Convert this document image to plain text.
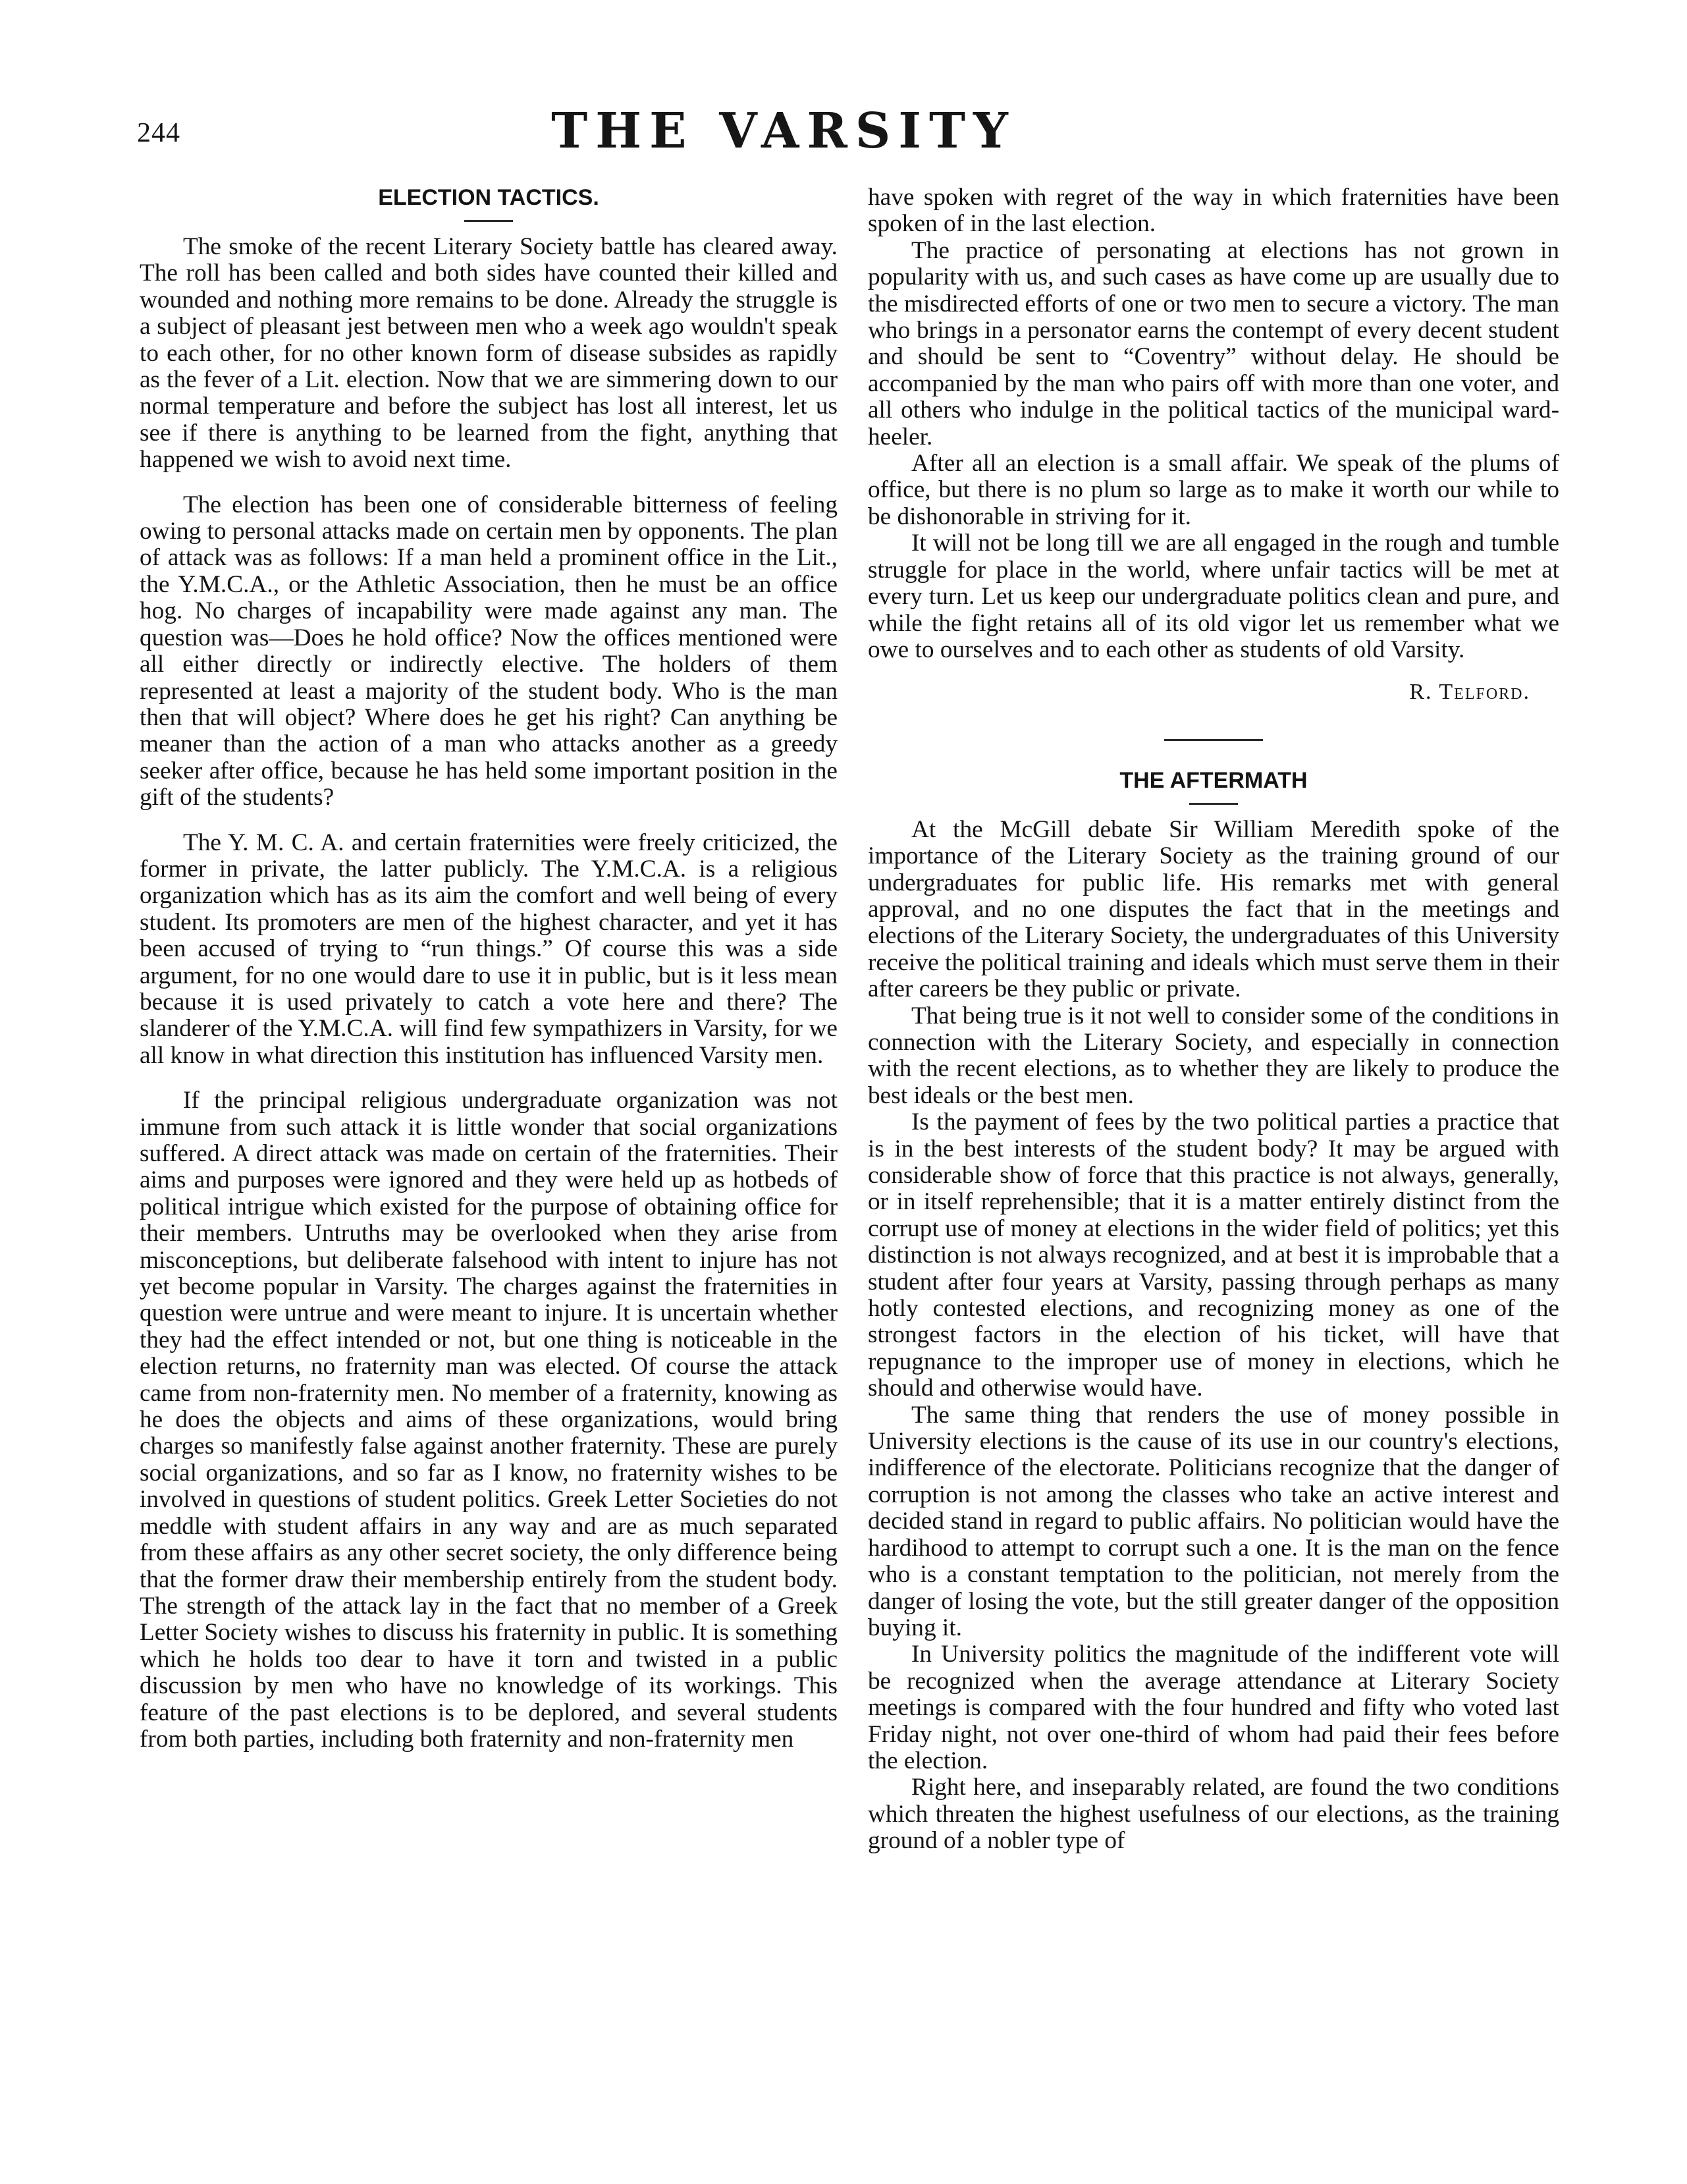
244	THE VARSITY
ELECTION TACTICS.

The smoke of the recent Literary Society battle has cleared away. The roll has been called and both sides have counted their killed and wounded and nothing more remains to be done. Already the struggle is a subject of pleasant jest between men who a week ago wouldn't speak to each other, for no other known form of disease subsides as rapidly as the fever of a Lit. election. Now that we are simmering down to our normal temperature and before the subject has lost all interest, let us see if there is anything to be learned from the fight, anything that happened we wish to avoid next time.

The election has been one of considerable bitterness of feeling owing to personal attacks made on certain men by opponents. The plan of attack was as follows: If a man held a prominent office in the Lit., the Y.M.C.A., or the Athletic Association, then he must be an office hog. No charges of incapability were made against any man. The question was—Does he hold office? Now the offices mentioned were all either directly or indirectly elective. The holders of them represented at least a majority of the student body. Who is the man then that will object? Where does he get his right? Can anything be meaner than the action of a man who attacks another as a greedy seeker after office, because he has held some important position in the gift of the students?

The Y. M. C. A. and certain fraternities were freely criticized, the former in private, the latter publicly. The Y.M.C.A. is a religious organization which has as its aim the comfort and well being of every student. Its promoters are men of the highest character, and yet it has been accused of trying to “run things.” Of course this was a side argument, for no one would dare to use it in public, but is it less mean because it is used privately to catch a vote here and there? The slanderer of the Y.M.C.A. will find few sympathizers in Varsity, for we all know in what direction this institution has influenced Varsity men.

If the principal religious undergraduate organization was not immune from such attack it is little wonder that social organizations suffered. A direct attack was made on certain of the fraternities. Their aims and purposes were ignored and they were held up as hotbeds of political intrigue which existed for the purpose of obtaining office for their members. Untruths may be overlooked when they arise from misconceptions, but deliberate falsehood with intent to injure has not yet become popular in Varsity. The charges against the fraternities in question were untrue and were meant to injure. It is uncertain whether they had the effect intended or not, but one thing is noticeable in the election returns, no fraternity man was elected. Of course the attack came from non-fraternity men. No member of a fraternity, knowing as he does the objects and aims of these organizations, would bring charges so manifestly false against another fraternity. These are purely social organizations, and so far as I know, no fraternity wishes to be involved in questions of student politics. Greek Letter Societies do not meddle with student affairs in any way and are as much separated from these affairs as any other secret society, the only difference being that the former draw their membership entirely from the student body. The strength of the attack lay in the fact that no member of a Greek Letter Society wishes to discuss his fraternity in public. It is something which he holds too dear to have it torn and twisted in a public discussion by men who have no knowledge of its workings. This feature of the past elections is to be deplored, and several students from both parties, including both fraternity and non-fraternity men

have spoken with regret of the way in which fraternities have been spoken of in the last election.

The practice of personating at elections has not grown in popularity with us, and such cases as have come up are usually due to the misdirected efforts of one or two men to secure a victory. The man who brings in a personator earns the contempt of every decent student and should be sent to “Coventry” without delay. He should be accompanied by the man who pairs off with more than one voter, and all others who indulge in the political tactics of the municipal ward-heeler.

After all an election is a small affair. We speak of the plums of office, but there is no plum so large as to make it worth our while to be dishonorable in striving for it.

It will not be long till we are all engaged in the rough and tumble struggle for place in the world, where unfair tactics will be met at every turn. Let us keep our undergraduate politics clean and pure, and while the fight retains all of its old vigor let us remember what we owe to ourselves and to each other as students of old Varsity.

R. Telford.
THE AFTERMATH

At the McGill debate Sir William Meredith spoke of the importance of the Literary Society as the training ground of our undergraduates for public life. His remarks met with general approval, and no one disputes the fact that in the meetings and elections of the Literary Society, the undergraduates of this University receive the political training and ideals which must serve them in their after careers be they public or private.

That being true is it not well to consider some of the conditions in connection with the Literary Society, and especially in connection with the recent elections, as to whether they are likely to produce the best ideals or the best men.

Is the payment of fees by the two political parties a practice that is in the best interests of the student body? It may be argued with considerable show of force that this practice is not always, generally, or in itself reprehensible; that it is a matter entirely distinct from the corrupt use of money at elections in the wider field of politics; yet this distinction is not always recognized, and at best it is improbable that a student after four years at Varsity, passing through perhaps as many hotly contested elections, and recognizing money as one of the strongest factors in the election of his ticket, will have that repugnance to the improper use of money in elections, which he should and otherwise would have.

The same thing that renders the use of money possible in University elections is the cause of its use in our country's elections, indifference of the electorate. Politicians recognize that the danger of corruption is not among the classes who take an active interest and decided stand in regard to public affairs. No politician would have the hardihood to attempt to corrupt such a one. It is the man on the fence who is a constant temptation to the politician, not merely from the danger of losing the vote, but the still greater danger of the opposition buying it.

In University politics the magnitude of the indifferent vote will be recognized when the average attendance at Literary Society meetings is compared with the four hundred and fifty who voted last Friday night, not over one-third of whom had paid their fees before the election.

Right here, and inseparably related, are found the two conditions which threaten the highest usefulness of our elections, as the training ground of a nobler type of
